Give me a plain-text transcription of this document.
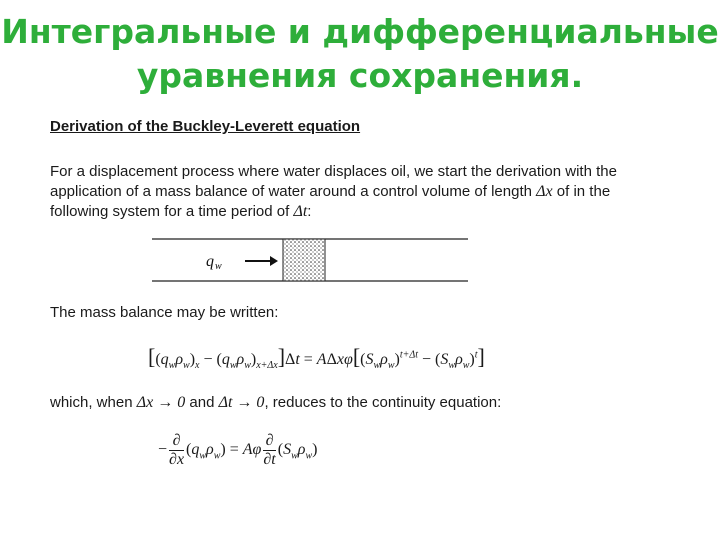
Интегральные и дифференциальные
уравнения сохранения.
Derivation of the Buckley-Leverett equation
For a displacement process where water displaces oil, we start the derivation with the
application of a mass balance of water around a control volume of length Δx of in the
following system for a time period of Δt:
q w
The mass balance may be written:
$[(q_w\rho_w)_x - (q_w\rho_w)_{x+\Delta x}]\Delta t = A\Delta x\varphi[(S_w\rho_w)^{t+\Delta t} - (S_w\rho_w)^t]$
which, when Δx → 0 and Δt → 0, reduces to the continuity equation:
− $\frac{\partial}{\partial x} (q_w\rho_w) = A\varphi \frac{\partial}{\partial t} (S_w\rho_w)$
